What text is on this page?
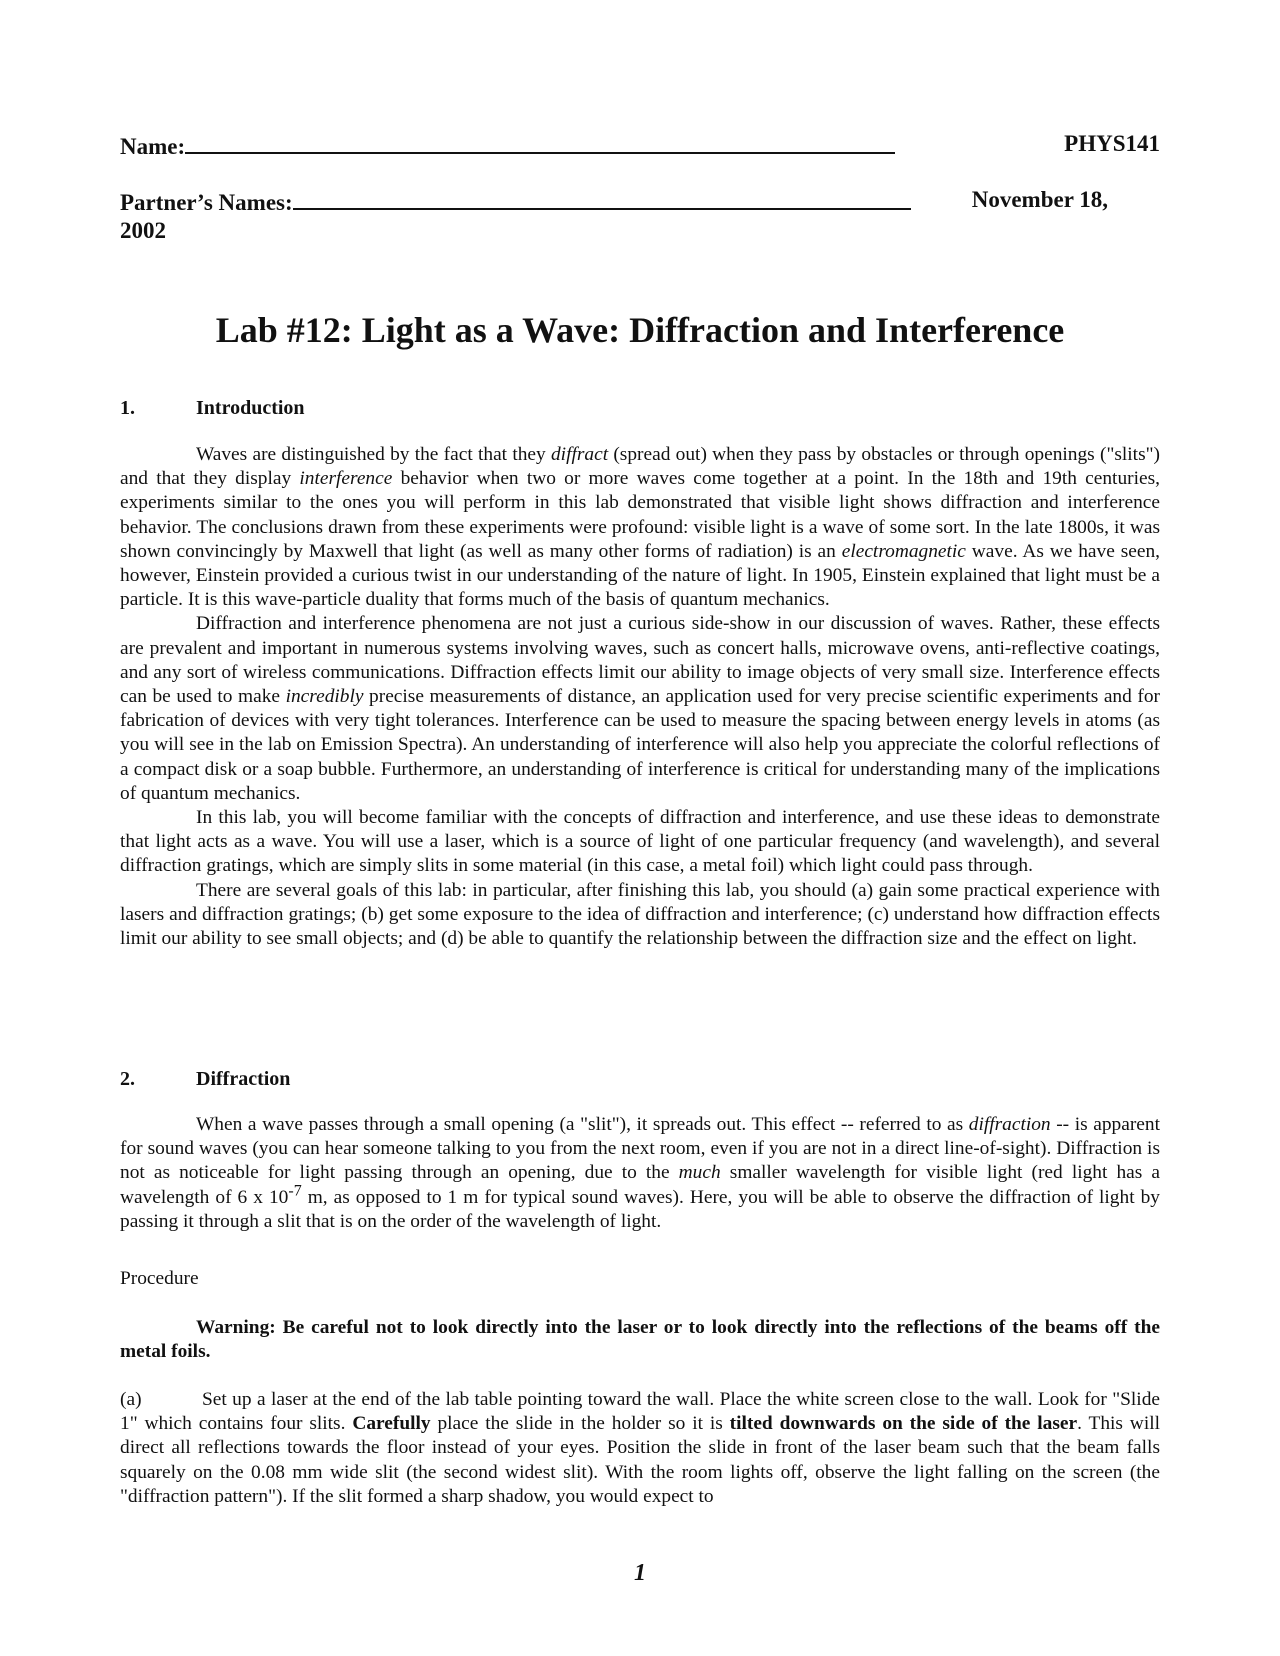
Name:	PHYS141
Partner’s Names:	November 18,
2002
Lab #12: Light as a Wave: Diffraction and Interference
1.	Introduction

Waves are distinguished by the fact that they diffract (spread out) when they pass by obstacles or through openings ("slits") and that they display interference behavior when two or more waves come together at a point. In the 18th and 19th centuries, experiments similar to the ones you will perform in this lab demonstrated that visible light shows diffraction and interference behavior. The conclusions drawn from these experiments were profound: visible light is a wave of some sort. In the late 1800s, it was shown convincingly by Maxwell that light (as well as many other forms of radiation) is an electromagnetic wave. As we have seen, however, Einstein provided a curious twist in our understanding of the nature of light. In 1905, Einstein explained that light must be a particle. It is this wave-particle duality that forms much of the basis of quantum mechanics.

Diffraction and interference phenomena are not just a curious side-show in our discussion of waves. Rather, these effects are prevalent and important in numerous systems involving waves, such as concert halls, microwave ovens, anti-reflective coatings, and any sort of wireless communications. Diffraction effects limit our ability to image objects of very small size. Interference effects can be used to make incredibly precise measurements of distance, an application used for very precise scientific experiments and for fabrication of devices with very tight tolerances. Interference can be used to measure the spacing between energy levels in atoms (as you will see in the lab on Emission Spectra). An understanding of interference will also help you appreciate the colorful reflections of a compact disk or a soap bubble. Furthermore, an understanding of interference is critical for understanding many of the implications of quantum mechanics.

In this lab, you will become familiar with the concepts of diffraction and interference, and use these ideas to demonstrate that light acts as a wave. You will use a laser, which is a source of light of one particular frequency (and wavelength), and several diffraction gratings, which are simply slits in some material (in this case, a metal foil) which light could pass through.

There are several goals of this lab: in particular, after finishing this lab, you should (a) gain some practical experience with lasers and diffraction gratings; (b) get some exposure to the idea of diffraction and interference; (c) understand how diffraction effects limit our ability to see small objects; and (d) be able to quantify the relationship between the diffraction size and the effect on light.

2.	Diffraction

When a wave passes through a small opening (a "slit"), it spreads out. This effect -- referred to as diffraction -- is apparent for sound waves (you can hear someone talking to you from the next room, even if you are not in a direct line-of-sight). Diffraction is not as noticeable for light passing through an opening, due to the much smaller wavelength for visible light (red light has a wavelength of 6 x $10^{-7}$ m, as opposed to 1 m for typical sound waves). Here, you will be able to observe the diffraction of light by passing it through a slit that is on the order of the wavelength of light.

Procedure

Warning: Be careful not to look directly into the laser or to look directly into the reflections of the beams off the metal foils.

(a)	Set up a laser at the end of the lab table pointing toward the wall. Place the white screen close to the wall. Look for "Slide 1" which contains four slits. Carefully place the slide in the holder so it is tilted downwards on the side of the laser. This will direct all reflections towards the floor instead of your eyes. Position the slide in front of the laser beam such that the beam falls squarely on the 0.08 mm wide slit (the second widest slit). With the room lights off, observe the light falling on the screen (the "diffraction pattern"). If the slit formed a sharp shadow, you would expect to

1
